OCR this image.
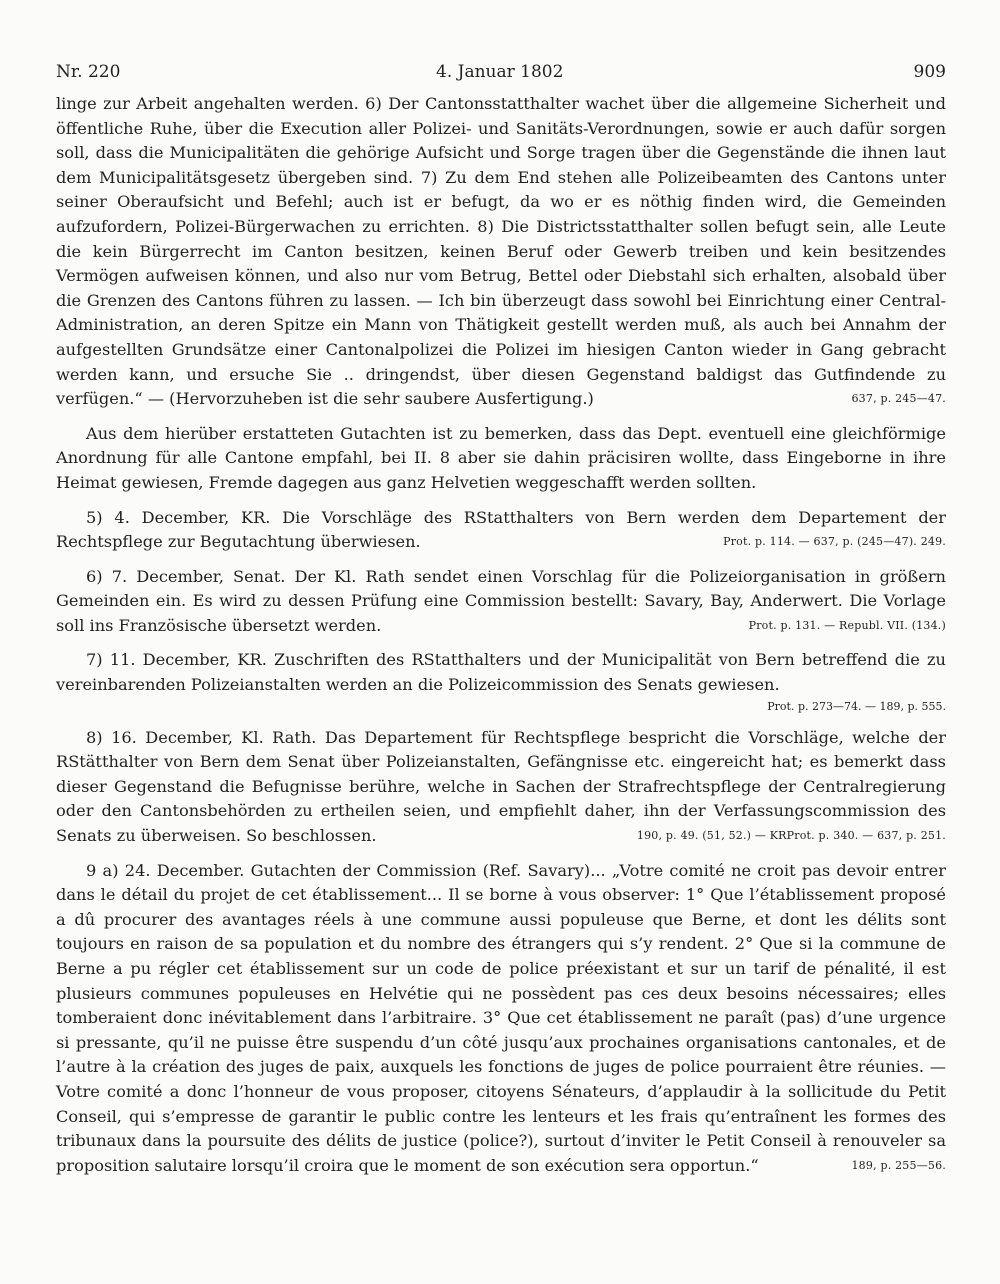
Nr. 220	4. Januar 1802	909

linge zur Arbeit angehalten werden. 6) Der Cantonsstatthalter wachet über die allgemeine Sicherheit und öffentliche Ruhe, über die Execution aller Polizei- und Sanitäts-Verordnungen, sowie er auch dafür sorgen soll, dass die Municipalitäten die gehörige Aufsicht und Sorge tragen über die Gegenstände die ihnen laut dem Municipalitätsgesetz übergeben sind. 7) Zu dem End stehen alle Polizeibeamten des Cantons unter seiner Oberaufsicht und Befehl; auch ist er befugt, da wo er es nöthig finden wird, die Gemeinden aufzufordern, Polizei-Bürgerwachen zu errichten. 8) Die Districtsstatthalter sollen befugt sein, alle Leute die kein Bürgerrecht im Canton besitzen, keinen Beruf oder Gewerb treiben und kein besitzendes Vermögen aufweisen können, und also nur vom Betrug, Bettel oder Diebstahl sich erhalten, alsobald über die Grenzen des Cantons führen zu lassen. — Ich bin überzeugt dass sowohl bei Einrichtung einer Central-Administration, an deren Spitze ein Mann von Thätigkeit gestellt werden muß, als auch bei Annahm der aufgestellten Grundsätze einer Cantonalpolizei die Polizei im hiesigen Canton wieder in Gang gebracht werden kann, und ersuche Sie .. dringendst, über diesen Gegenstand baldigst das Gutfindende zu verfügen.“ — (Hervorzuheben ist die sehr saubere Ausfertigung.)	637, p. 245—47.

Aus dem hierüber erstatteten Gutachten ist zu bemerken, dass das Dept. eventuell eine gleichförmige Anordnung für alle Cantone empfahl, bei II. 8 aber sie dahin präcisiren wollte, dass Eingeborne in ihre Heimat gewiesen, Fremde dagegen aus ganz Helvetien weggeschafft werden sollten.

5) 4. December, KR. Die Vorschläge des RStatthalters von Bern werden dem Departement der Rechtspflege zur Begutachtung überwiesen.	Prot. p. 114. — 637, p. (245—47). 249.

6) 7. December, Senat. Der Kl. Rath sendet einen Vorschlag für die Polizeiorganisation in größern Gemeinden ein. Es wird zu dessen Prüfung eine Commission bestellt: Savary, Bay, Anderwert. Die Vorlage soll ins Französische übersetzt werden.	Prot. p. 131. — Republ. VII. (134.)

7) 11. December, KR. Zuschriften des RStatthalters und der Municipalität von Bern betreffend die zu vereinbarenden Polizeianstalten werden an die Polizeicommission des Senats gewiesen.

Prot. p. 273—74. — 189, p. 555.

8) 16. December, Kl. Rath. Das Departement für Rechtspflege bespricht die Vorschläge, welche der RStätthalter von Bern dem Senat über Polizeianstalten, Gefängnisse etc. eingereicht hat; es bemerkt dass dieser Gegenstand die Befugnisse berühre, welche in Sachen der Strafrechtspflege der Centralregierung oder den Cantonsbehörden zu ertheilen seien, und empfiehlt daher, ihn der Verfassungscommission des Senats zu überweisen. So beschlossen.	190, p. 49. (51, 52.) — KRProt. p. 340. — 637, p. 251.

9 a) 24. December. Gutachten der Commission (Ref. Savary)... „Votre comité ne croit pas devoir entrer dans le détail du projet de cet établissement... Il se borne à vous observer: 1° Que l’établissement proposé a dû procurer des avantages réels à une commune aussi populeuse que Berne, et dont les délits sont toujours en raison de sa population et du nombre des étrangers qui s’y rendent. 2° Que si la commune de Berne a pu régler cet établissement sur un code de police préexistant et sur un tarif de pénalité, il est plusieurs communes populeuses en Helvétie qui ne possèdent pas ces deux besoins nécessaires; elles tomberaient donc inévitablement dans l’arbitraire. 3° Que cet établissement ne paraît (pas) d’une urgence si pressante, qu’il ne puisse être suspendu d’un côté jusqu’aux prochaines organisations cantonales, et de l’autre à la création des juges de paix, auxquels les fonctions de juges de police pourraient être réunies. — Votre comité a donc l’honneur de vous proposer, citoyens Sénateurs, d’applaudir à la sollicitude du Petit Conseil, qui s’empresse de garantir le public contre les lenteurs et les frais qu’entraînent les formes des tribunaux dans la poursuite des délits de justice (police?), surtout d’inviter le Petit Conseil à renouveler sa proposition salutaire lorsqu’il croira que le moment de son exécution sera opportun.“	189, p. 255—56.
